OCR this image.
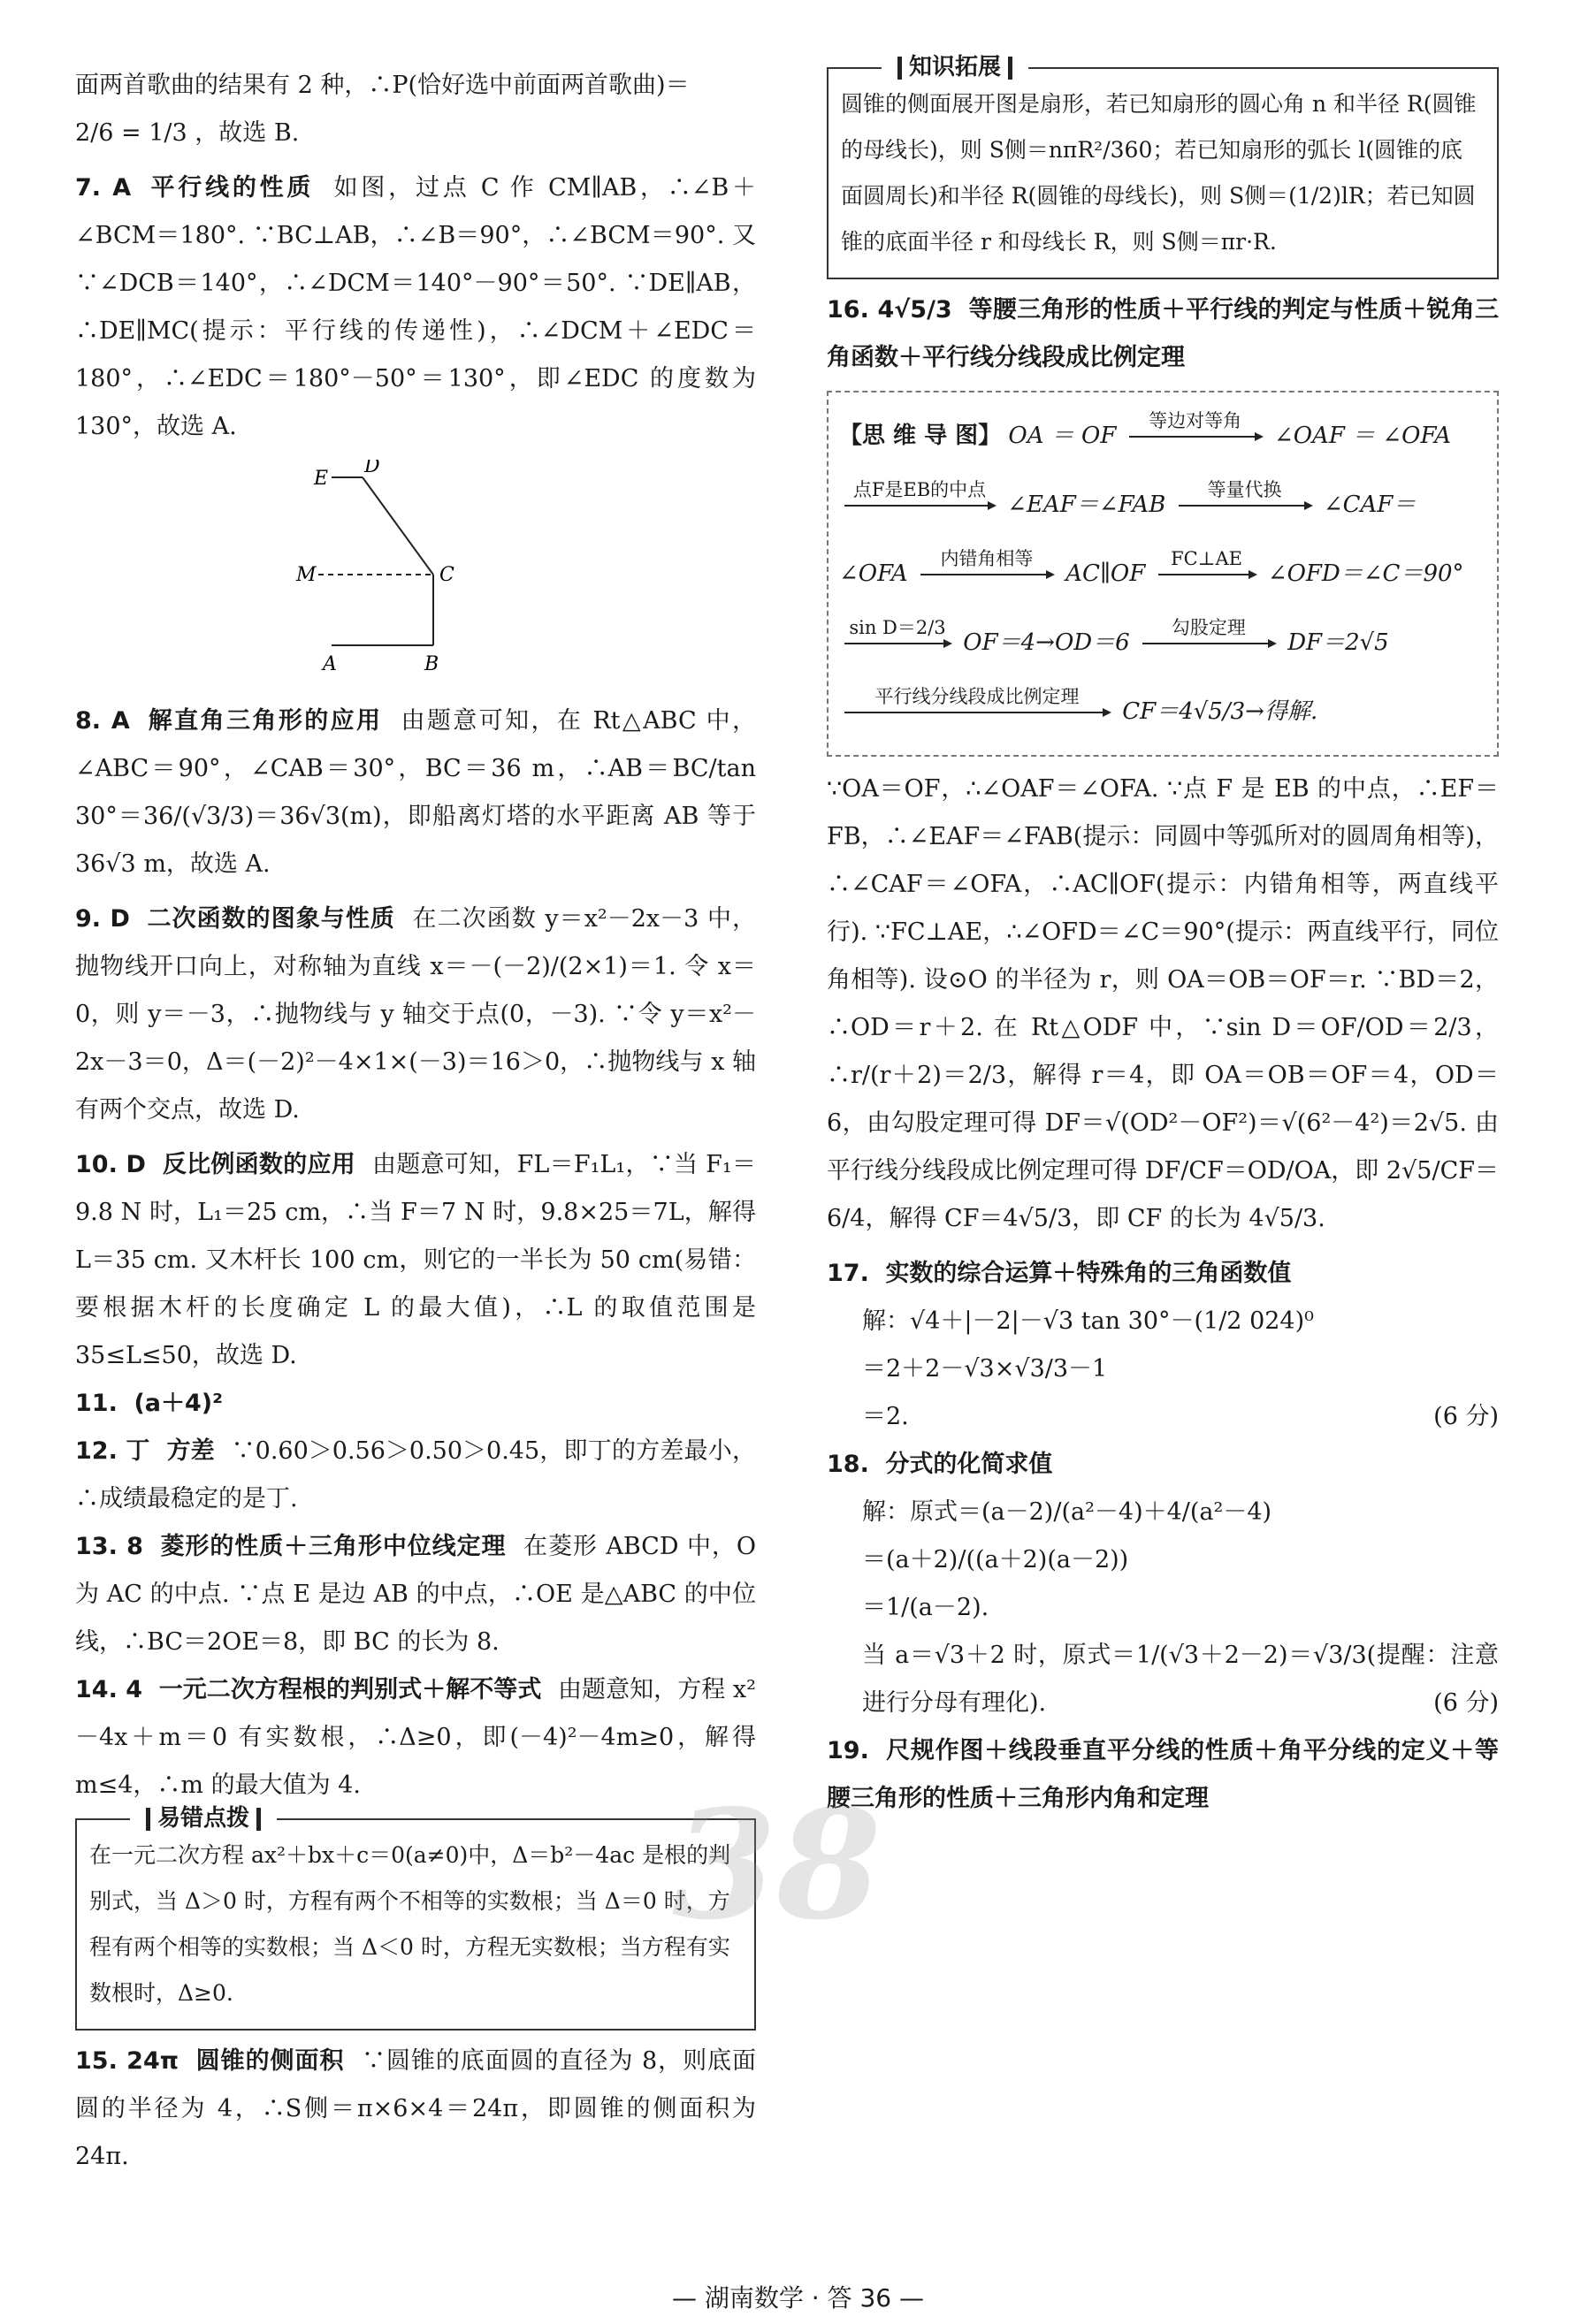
面两首歌曲的结果有 2 种，∴P(恰好选中前面两首歌曲)＝

2/6 = 1/3 ，故选 B.

7. A 平行线的性质 如图，过点 C 作 CM∥AB，∴∠B＋∠BCM＝180°. ∵BC⊥AB，∴∠B＝90°，∴∠BCM＝90°. 又∵∠DCB＝140°，∴∠DCM＝140°－90°＝50°. ∵DE∥AB，∴DE∥MC(提示：平行线的传递性)，∴∠DCM＋∠EDC＝180°，∴∠EDC＝180°－50°＝130°，即∠EDC 的度数为 130°，故选 A.

E
D
M	C
A	B

8. A 解直角三角形的应用 由题意可知，在 Rt△ABC 中，∠ABC＝90°，∠CAB＝30°，BC＝36 m，∴AB＝BC/tan 30°＝36/(√3/3)＝36√3(m)，即船离灯塔的水平距离 AB 等于 36√3 m，故选 A.

9. D 二次函数的图象与性质 在二次函数 y＝x²－2x－3 中，抛物线开口向上，对称轴为直线 x＝－(－2)/(2×1)＝1. 令 x＝0，则 y＝－3，∴抛物线与 y 轴交于点(0，－3). ∵令 y＝x²－2x－3＝0，Δ＝(－2)²－4×1×(－3)＝16＞0，∴抛物线与 x 轴有两个交点，故选 D.

10. D 反比例函数的应用 由题意可知，FL＝F₁L₁，∵当 F₁＝9.8 N 时，L₁＝25 cm，∴当 F＝7 N 时，9.8×25＝7L，解得 L＝35 cm. 又木杆长 100 cm，则它的一半长为 50 cm(易错：要根据木杆的长度确定 L 的最大值)，∴L 的取值范围是 35≤L≤50，故选 D.

11. (a＋4)²

12. 丁 方差 ∵0.60＞0.56＞0.50＞0.45，即丁的方差最小，∴成绩最稳定的是丁.

13. 8 菱形的性质＋三角形中位线定理 在菱形 ABCD 中，O 为 AC 的中点. ∵点 E 是边 AB 的中点，∴OE 是△ABC 的中位线，∴BC＝2OE＝8，即 BC 的长为 8.

14. 4 一元二次方程根的判别式＋解不等式 由题意知，方程 x²－4x＋m＝0 有实数根，∴Δ≥0，即(－4)²－4m≥0，解得 m≤4，∴m 的最大值为 4.

易错点拨
在一元二次方程 ax²＋bx＋c＝0(a≠0)中，Δ＝b²－4ac 是根的判别式，当 Δ＞0 时，方程有两个不相等的实数根；当 Δ＝0 时，方程有两个相等的实数根；当 Δ＜0 时，方程无实数根；当方程有实数根时，Δ≥0.

15. 24π 圆锥的侧面积 ∵圆锥的底面圆的直径为 8，则底面圆的半径为 4，∴S侧＝π×6×4＝24π，即圆锥的侧面积为 24π.

知识拓展
圆锥的侧面展开图是扇形，若已知扇形的圆心角 n 和半径 R(圆锥的母线长)，则 S侧＝nπR²/360；若已知扇形的弧长 l(圆锥的底面圆周长)和半径 R(圆锥的母线长)，则 S侧＝(1/2)lR；若已知圆锥的底面半径 r 和母线长 R，则 S侧＝πr·R.

16. 4√5/3 等腰三角形的性质＋平行线的判定与性质＋锐角三角函数＋平行线分线段成比例定理

【思 维 导 图】 OA ＝ OF
等边对等角
∠OAF ＝ ∠OFA
点F是EB的中点
∠EAF＝∠FAB
等量代换
∠CAF＝
∠OFA
内错角相等
AC∥OF
FC⊥AE
∠OFD＝∠C＝90°
sin D＝2/3
OF＝4→OD＝6
勾股定理
DF＝2√5
平行线分线段成比例定理
CF＝4√5/3→得解.

∵OA＝OF，∴∠OAF＝∠OFA. ∵点 F 是 EB 的中点，∴EF＝FB，∴∠EAF＝∠FAB(提示：同圆中等弧所对的圆周角相等)，∴∠CAF＝∠OFA，∴AC∥OF(提示：内错角相等，两直线平行). ∵FC⊥AE，∴∠OFD＝∠C＝90°(提示：两直线平行，同位角相等). 设⊙O 的半径为 r，则 OA＝OB＝OF＝r. ∵BD＝2，∴OD＝r＋2. 在 Rt△ODF 中，∵sin D＝OF/OD＝2/3，∴r/(r＋2)＝2/3，解得 r＝4，即 OA＝OB＝OF＝4，OD＝6，由勾股定理可得 DF＝√(OD²－OF²)＝√(6²－4²)＝2√5. 由平行线分线段成比例定理可得 DF/CF＝OD/OA，即 2√5/CF＝6/4，解得 CF＝4√5/3，即 CF 的长为 4√5/3.

17. 实数的综合运算＋特殊角的三角函数值

解：√4＋|－2|－√3 tan 30°－(1/2 024)⁰

＝2＋2－√3×√3/3－1

＝2.	(6 分)

18. 分式的化简求值

解：原式＝(a－2)/(a²－4)＋4/(a²－4)

＝(a＋2)/((a＋2)(a－2))

＝1/(a－2).

当 a＝√3＋2 时，原式＝1/(√3＋2－2)＝√3/3(提醒：注意进行分母有理化).	(6 分)

19. 尺规作图＋线段垂直平分线的性质＋角平分线的定义＋等腰三角形的性质＋三角形内角和定理

38
— 湖南数学 · 答 36 —
